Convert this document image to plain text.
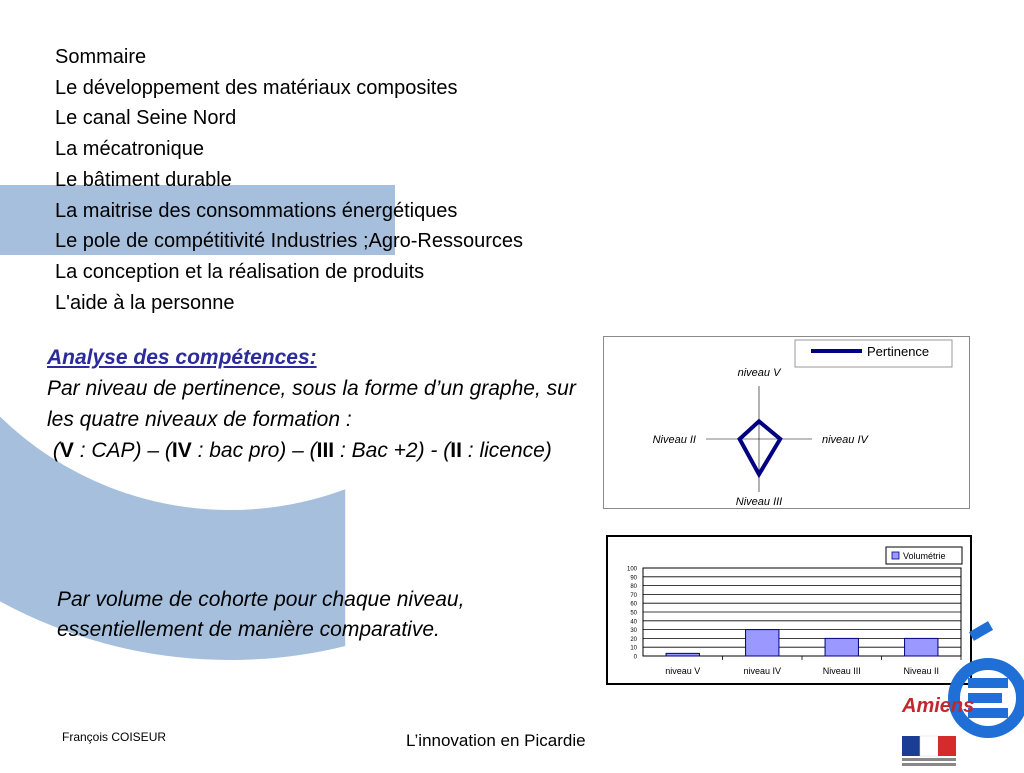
Sommaire
Le développement des matériaux composites
Le canal Seine Nord
La mécatronique
Le bâtiment durable
La maitrise des consommations énergétiques
Le pole de compétitivité Industries ;Agro-Ressources
La conception et la réalisation de produits
L'aide à la personne
Analyse des compétences:
Par niveau de pertinence, sous la forme d’un graphe, sur les quatre niveaux de formation :
(V : CAP) – (IV : bac pro) – (III : Bac +2) - (II : licence)
Par volume de cohorte pour chaque niveau, essentiellement de manière comparative.
niveau V
niveau IV
Niveau III
Niveau II
Pertinence
0
10
20
30
40
50
60
70
80
90
100
niveau V	niveau IV	Niveau III	Niveau II
Volumétrie
Amiens
François COISEUR	L’innovation en Picardie
